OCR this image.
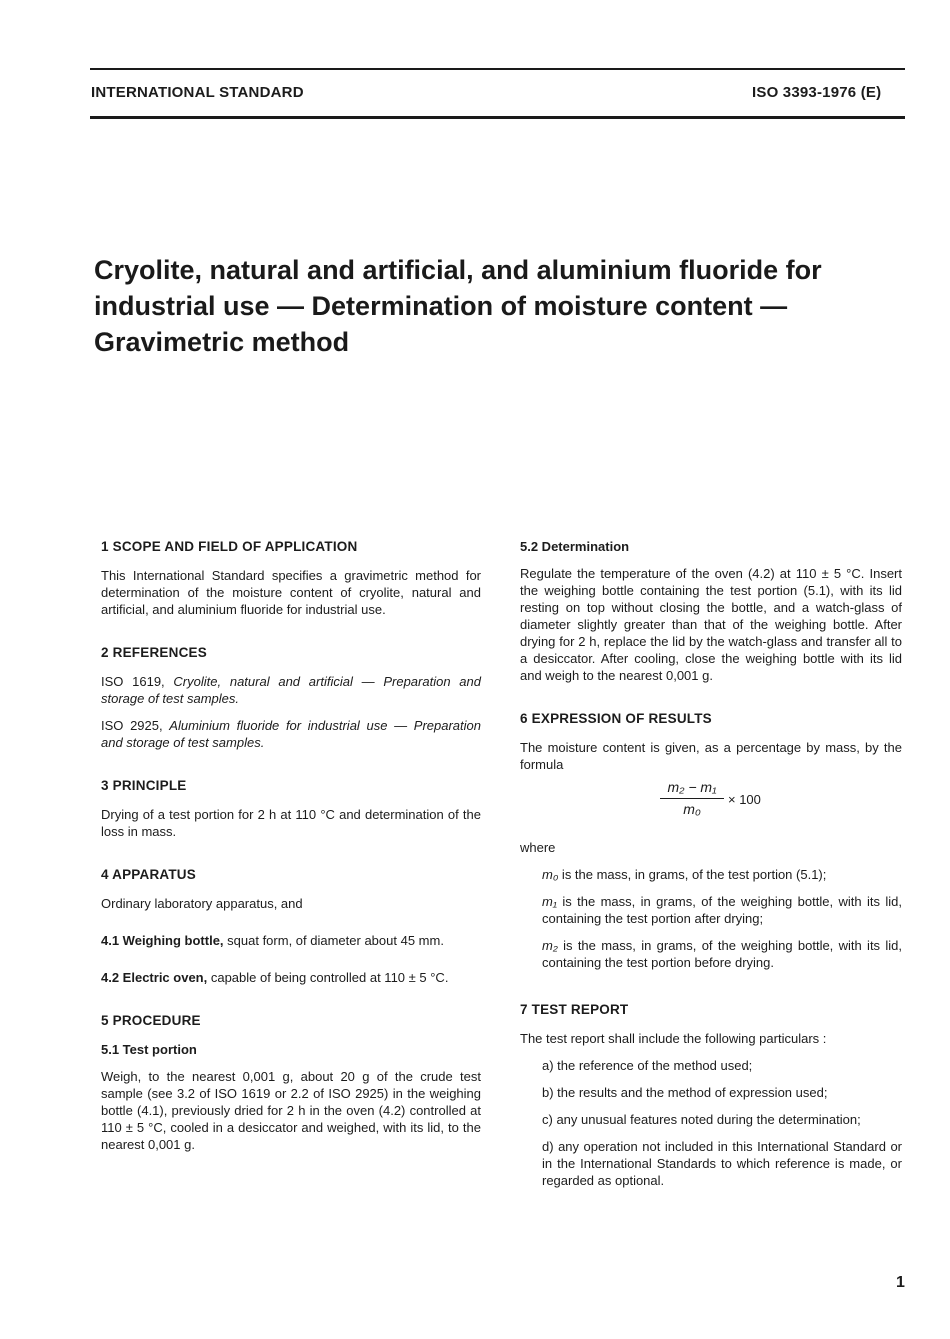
INTERNATIONAL STANDARD	ISO 3393-1976 (E)
Cryolite, natural and artificial, and aluminium fluoride for
industrial use — Determination of moisture content —
Gravimetric method
1 SCOPE AND FIELD OF APPLICATION

This International Standard specifies a gravimetric method for determination of the moisture content of cryolite, natural and artificial, and aluminium fluoride for industrial use.

2 REFERENCES

ISO 1619, Cryolite, natural and artificial — Preparation and storage of test samples.

ISO 2925, Aluminium fluoride for industrial use — Preparation and storage of test samples.

3 PRINCIPLE

Drying of a test portion for 2 h at 110 °C and determination of the loss in mass.

4 APPARATUS

Ordinary laboratory apparatus, and

4.1 Weighing bottle, squat form, of diameter about 45 mm.

4.2 Electric oven, capable of being controlled at 110 ± 5 °C.

5 PROCEDURE
5.1 Test portion

Weigh, to the nearest 0,001 g, about 20 g of the crude test sample (see 3.2 of ISO 1619 or 2.2 of ISO 2925) in the weighing bottle (4.1), previously dried for 2 h in the oven (4.2) controlled at 110 ± 5 °C, cooled in a desiccator and weighed, with its lid, to the nearest 0,001 g.

5.2 Determination

Regulate the temperature of the oven (4.2) at 110 ± 5 °C. Insert the weighing bottle containing the test portion (5.1), with its lid resting on top without closing the bottle, and a watch-glass of diameter slightly greater than that of the weighing bottle. After drying for 2 h, replace the lid by the watch-glass and transfer all to a desiccator. After cooling, close the weighing bottle with its lid and weigh to the nearest 0,001 g.

6 EXPRESSION OF RESULTS

The moisture content is given, as a percentage by mass, by the formula

$\frac{\text{m₂ − m₁}}{\text{m₀}} \times 100$

where

m₀ is the mass, in grams, of the test portion (5.1);

m₁ is the mass, in grams, of the weighing bottle, with its lid, containing the test portion after drying;

m₂ is the mass, in grams, of the weighing bottle, with its lid, containing the test portion before drying.

7 TEST REPORT

The test report shall include the following particulars :

a) the reference of the method used;

b) the results and the method of expression used;

c) any unusual features noted during the determination;

d) any operation not included in this International Standard or in the International Standards to which reference is made, or regarded as optional.

1
